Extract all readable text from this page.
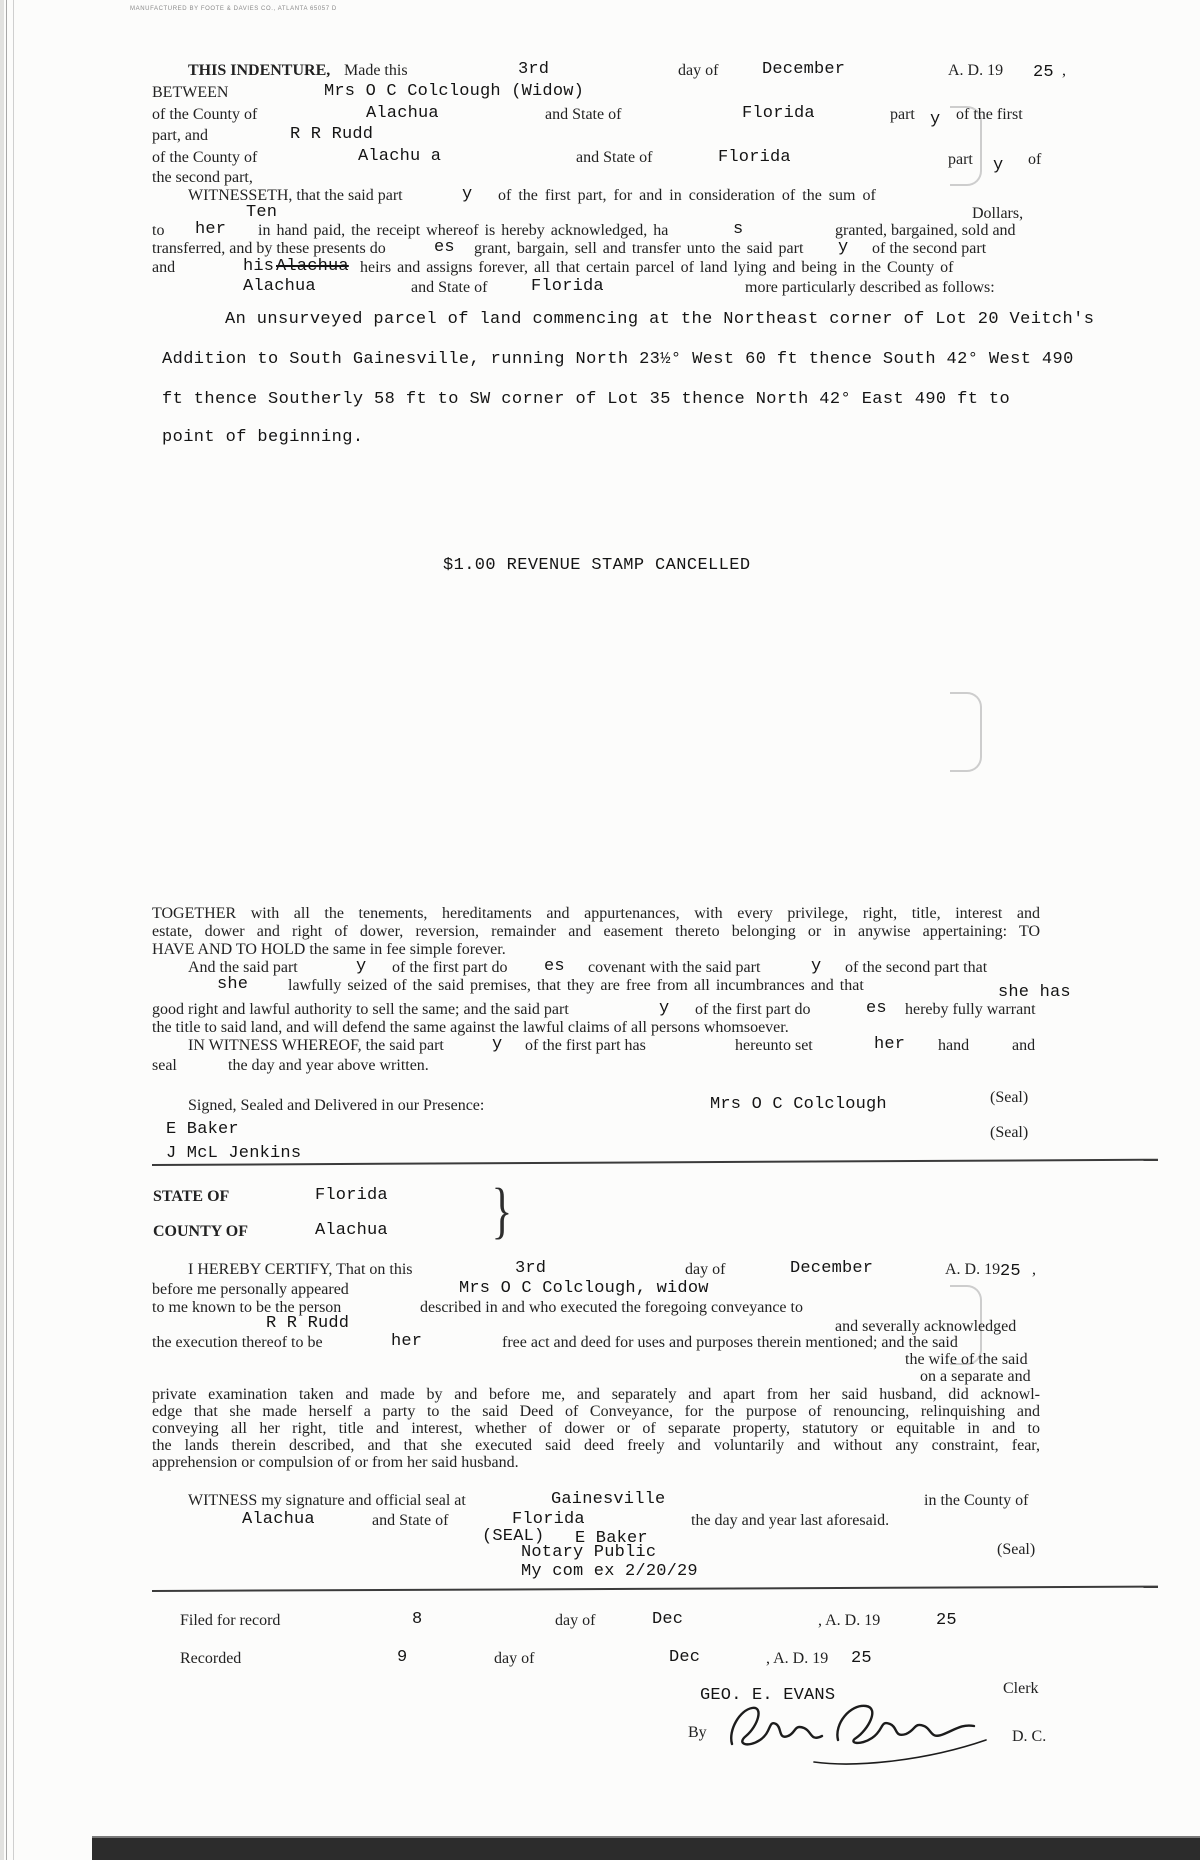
MANUFACTURED BY FOOTE & DAVIES CO., ATLANTA 65057 D
THIS INDENTURE, Made this	3rd	day of	December	A. D. 19 25 ,
BETWEEN	Mrs O C Colclough (Widow)
of the County of	Alachua	and State of	Florida	part y of the first
part, and	R R Rudd
of the County of	Alachu a	and State of	Florida	part y of
the second part,
WITNESSETH, that the said part	y of the first part, for and in consideration of the sum of
Dollars,
Ten
to her in hand paid, the receipt whereof is hereby acknowledged, ha	s	granted, bargained, sold and
transferred, and by these presents do	es grant, bargain, sell and transfer unto the said part y of the second part
and	his Alachua heirs and assigns forever, all that certain parcel of land lying and being in the County of
Alachua	and State of	Florida	more particularly described as follows:
An unsurveyed parcel of land commencing at the Northeast corner of Lot 20 Veitch's
Addition to South Gainesville, running North 23½° West 60 ft thence South 42° West 490
ft thence Southerly 58 ft to SW corner of Lot 35 thence North 42° East 490 ft to
point of beginning.
$1.00 REVENUE STAMP CANCELLED
TOGETHER with all the tenements, hereditaments and appurtenances, with every privilege, right, title, interest and
estate, dower and right of dower, reversion, remainder and easement thereto belonging or in anywise appertaining: TO
HAVE AND TO HOLD the same in fee simple forever.
And the said part	y of the first part do es covenant with the said part	y of the second part that
she lawfully seized of the said premises, that they are free from all incumbrances and that	she has
good right and lawful authority to sell the same; and the said part	y of the first part do	es hereby fully warrant
the title to said land, and will defend the same against the lawful claims of all persons whomsoever.
IN WITNESS WHEREOF, the said part	y of the first part has	hereunto set	her hand	and
seal	the day and year above written.
Signed, Sealed and Delivered in our Presence:	Mrs O C Colclough	(Seal)
E Baker	(Seal)
J McL Jenkins
STATE OF	Florida
COUNTY OF	Alachua }
I HEREBY CERTIFY, That on this	3rd	day of	December	A. D. 19 25 ,
before me personally appeared	Mrs O C Colclough, widow
to me known to be the person	described in and who executed the foregoing conveyance to
R R Rudd	and severally acknowledged
the execution thereof to be	her	free act and deed for uses and purposes therein mentioned; and the said
the wife of the said
on a separate and
private examination taken and made by and before me, and separately and apart from her said husband, did acknowl-
edge that she made herself a party to the said Deed of Conveyance, for the purpose of renouncing, relinquishing and
conveying all her right, title and interest, whether of dower or of separate property, statutory or equitable in and to
the lands therein described, and that she executed said deed freely and voluntarily and without any constraint, fear,
apprehension or compulsion of or from her said husband.
WITNESS my signature and official seal at	Gainesville	in the County of
Alachua	and State of	Florida	the day and year last aforesaid.
(SEAL) E Baker
Notary Public	(Seal)
My com ex 2/20/29
Filed for record	8	day of	Dec	, A. D. 19	25
Recorded	9	day of	Dec	, A. D. 19 25
GEO. E. EVANS	Clerk
By	D. C.
